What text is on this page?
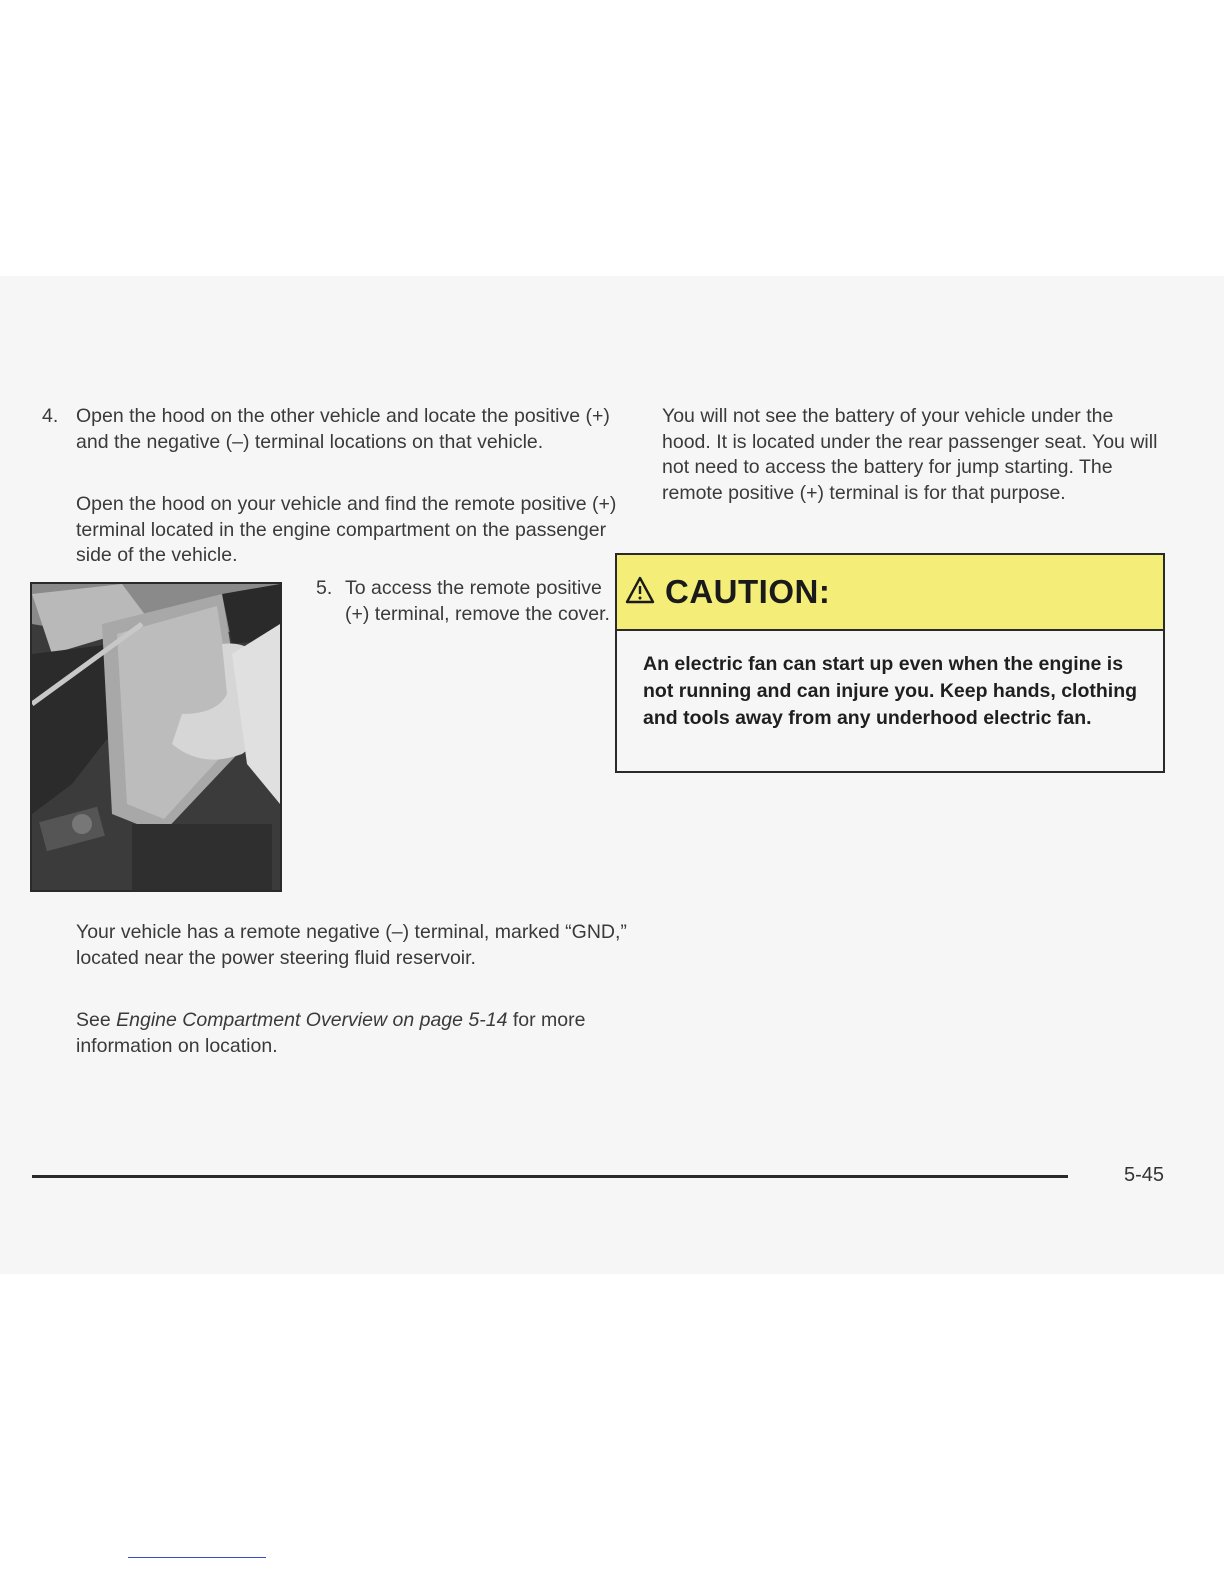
4. Open the hood on the other vehicle and locate the positive (+) and the negative (–) terminal locations on that vehicle.

Open the hood on your vehicle and find the remote positive (+) terminal located in the engine compartment on the passenger side of the vehicle.

5. To access the remote positive (+) terminal, remove the cover.

Your vehicle has a remote negative (–) terminal, marked “GND,” located near the power steering fluid reservoir.

See Engine Compartment Overview on page 5-14 for more information on location.

You will not see the battery of your vehicle under the hood. It is located under the rear passenger seat. You will not need to access the battery for jump starting. The remote positive (+) terminal is for that purpose.

CAUTION:
An electric fan can start up even when the engine is not running and can injure you. Keep hands, clothing and tools away from any underhood electric fan.
5-45
